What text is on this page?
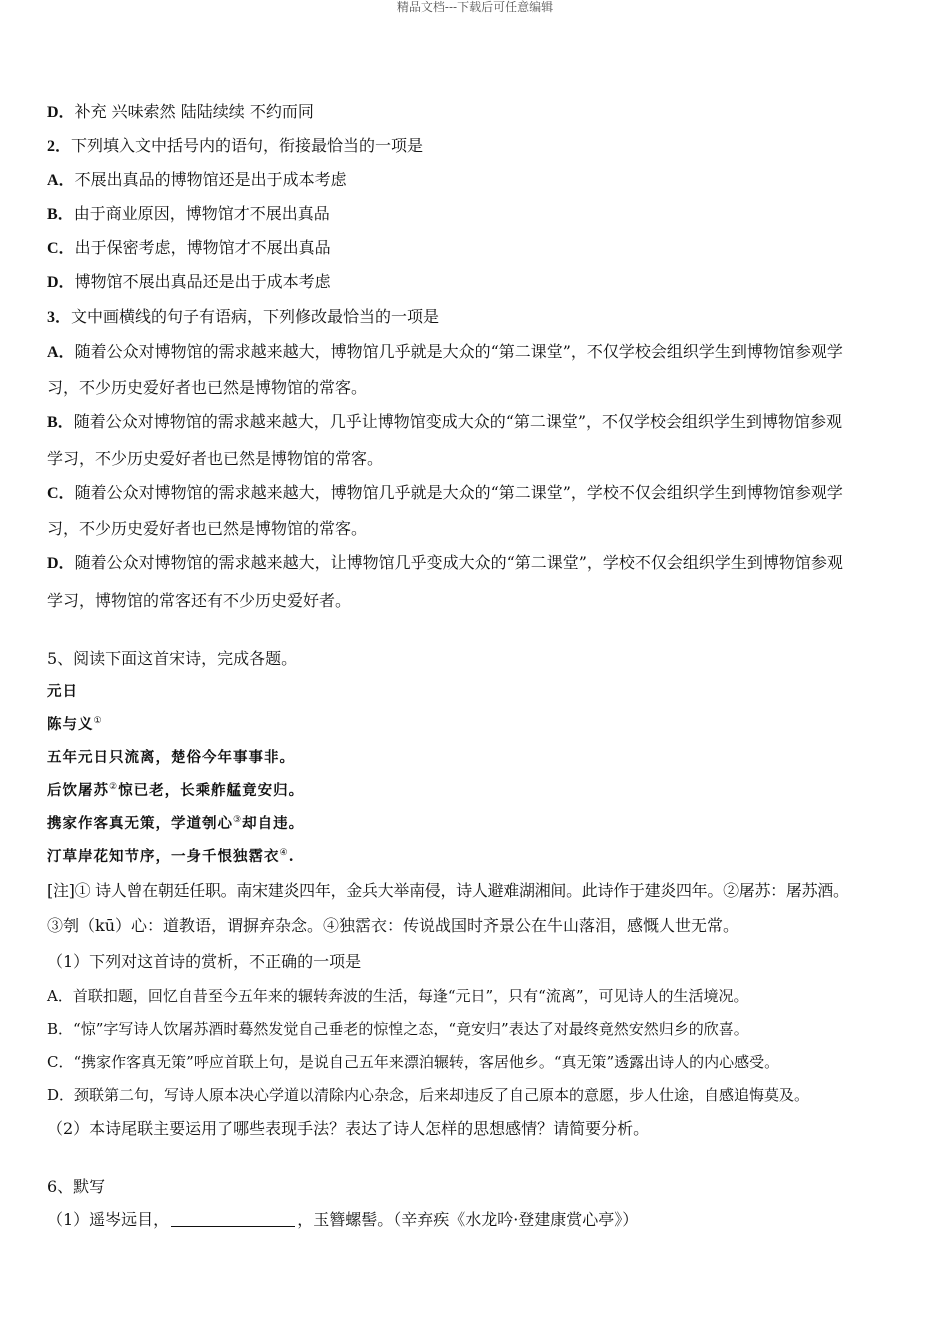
精品文档---下载后可任意编辑
D．补充 兴味索然 陆陆续续 不约而同
2．下列填入文中括号内的语句，衔接最恰当的一项是
A．不展出真品的博物馆还是出于成本考虑
B．由于商业原因，博物馆才不展出真品
C．出于保密考虑，博物馆才不展出真品
D．博物馆不展出真品还是出于成本考虑
3．文中画横线的句子有语病，下列修改最恰当的一项是
A．随着公众对博物馆的需求越来越大，博物馆几乎就是大众的“第二课堂”，不仅学校会组织学生到博物馆参观学
习，不少历史爱好者也已然是博物馆的常客。
B．随着公众对博物馆的需求越来越大，几乎让博物馆变成大众的“第二课堂”，不仅学校会组织学生到博物馆参观
学习，不少历史爱好者也已然是博物馆的常客。
C．随着公众对博物馆的需求越来越大，博物馆几乎就是大众的“第二课堂”，学校不仅会组织学生到博物馆参观学
习，不少历史爱好者也已然是博物馆的常客。
D．随着公众对博物馆的需求越来越大，让博物馆几乎变成大众的“第二课堂”，学校不仅会组织学生到博物馆参观
学习，博物馆的常客还有不少历史爱好者。
5、阅读下面这首宋诗，完成各题。
元日
陈与义①
五年元日只流离，楚俗今年事事非。
后饮屠苏②惊已老，长乘舴艋竟安归。
携家作客真无策，学道刳心③却自违。
汀草岸花知节序，一身千恨独霑衣④.
[注]① 诗人曾在朝廷任职。南宋建炎四年，金兵大举南侵，诗人避难湖湘间。此诗作于建炎四年。②屠苏：屠苏酒。
③刳（kū）心：道教语，谓摒弃杂念。④独霑衣：传说战国时齐景公在牛山落泪，感慨人世无常。
（1）下列对这首诗的赏析，不正确的一项是
A．首联扣题，回忆自昔至今五年来的辗转奔波的生活，每逢“元日”，只有“流离”，可见诗人的生活境况。
B．“惊”字写诗人饮屠苏酒时蓦然发觉自己垂老的惊惶之态，“竟安归”表达了对最终竟然安然归乡的欣喜。
C．“携家作客真无策”呼应首联上句，是说自己五年来漂泊辗转，客居他乡。“真无策”透露出诗人的内心感受。
D．颈联第二句，写诗人原本决心学道以清除内心杂念，后来却违反了自己原本的意愿，步人仕途，自感追悔莫及。
（2）本诗尾联主要运用了哪些表现手法？表达了诗人怎样的思想感情？请简要分析。
6、默写
（1）遥岑远目，	，玉簪螺髻。（辛弃疾《水龙吟·登建康赏心亭》）
